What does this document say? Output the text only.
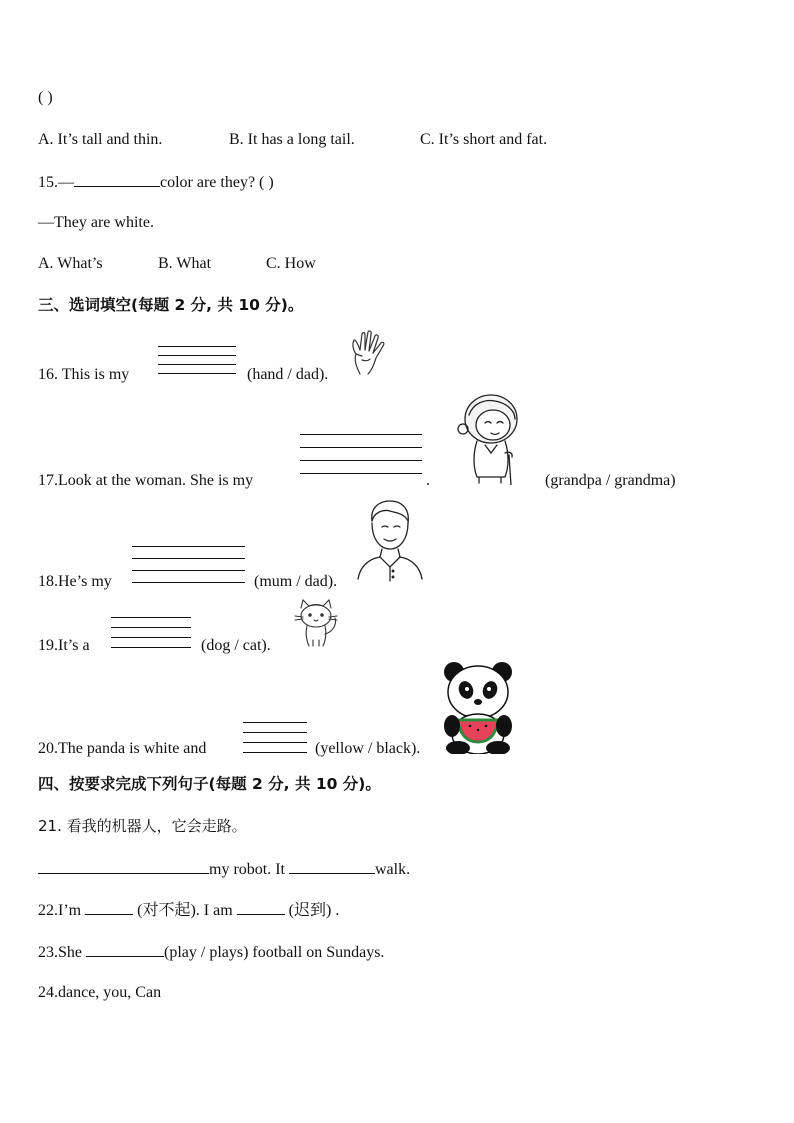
( )
A. It’s tall and thin.	B. It has a long tail.	C. It’s short and fat.
15.—	color are they? ( )
—They are white.
A. What’s	B. What	C. How
三、选词填空(每题 2 分, 共 10 分)。
16. This is my	(hand / dad).
17.Look at the woman. She is my	.	(grandpa / grandma)
18.He’s my	(mum / dad).
19.It’s a	(dog / cat).
20.The panda is white and	(yellow / black).
四、按要求完成下列句子(每题 2 分, 共 10 分)。
21. 看我的机器人，它会走路。
my robot. It	walk.
22.I’m	(对不起). I am	(迟到) .
23.She	(play / plays) football on Sundays.
24.dance, you, Can
